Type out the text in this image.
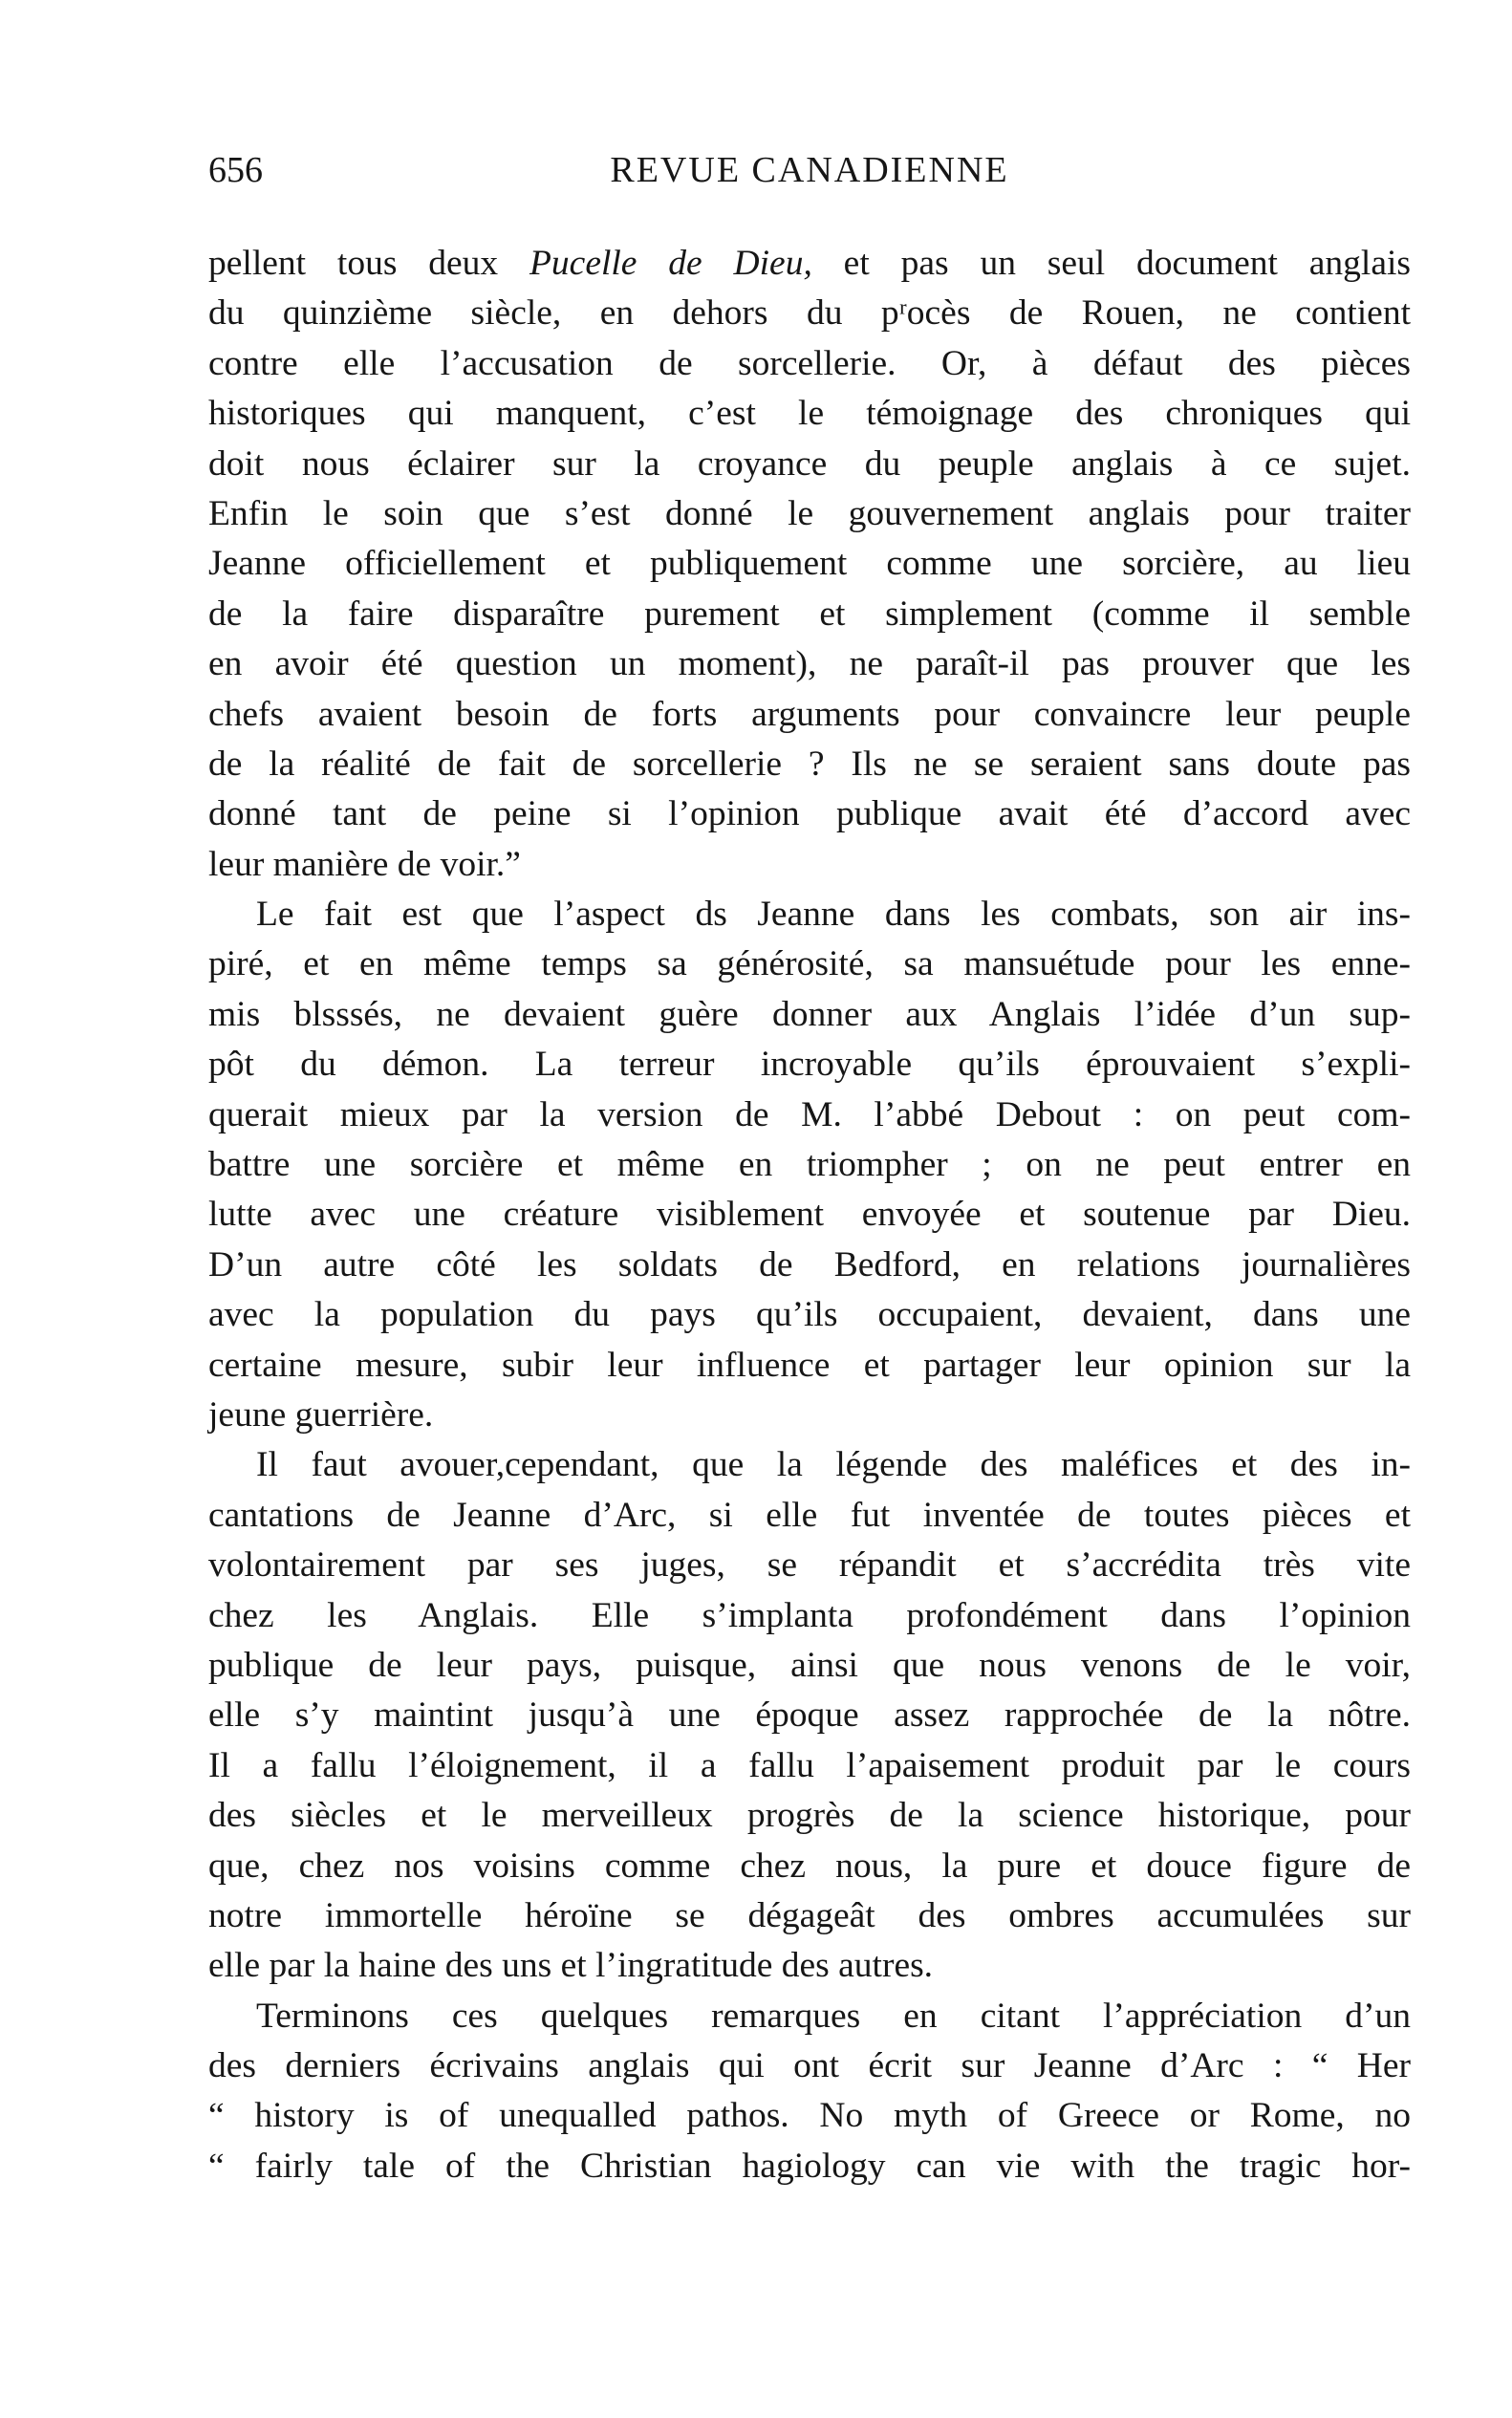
656	REVUE CANADIENNE

pellent tous deux Pucelle de Dieu, et pas un seul document anglais
du quinzième siècle, en dehors du pʳocès de Rouen, ne contient
contre elle l’accusation de sorcellerie. Or, à défaut des pièces
historiques qui manquent, c’est le témoignage des chroniques qui
doit nous éclairer sur la croyance du peuple anglais à ce sujet.
Enfin le soin que s’est donné le gouvernement anglais pour traiter
Jeanne officiellement et publiquement comme une sorcière, au lieu
de la faire disparaître purement et simplement (comme il semble
en avoir été question un moment), ne paraît-il pas prouver que les
chefs avaient besoin de forts arguments pour convaincre leur peuple
de la réalité de fait de sorcellerie ? Ils ne se seraient sans doute pas
donné tant de peine si l’opinion publique avait été d’accord avec
leur manière de voir.”

Le fait est que l’aspect ds Jeanne dans les combats, son air ins-
piré, et en même temps sa générosité, sa mansuétude pour les enne-
mis blsssés, ne devaient guère donner aux Anglais l’idée d’un sup-
pôt du démon. La terreur incroyable qu’ils éprouvaient s’expli-
querait mieux par la version de M. l’abbé Debout : on peut com-
battre une sorcière et même en triompher ; on ne peut entrer en
lutte avec une créature visiblement envoyée et soutenue par Dieu.
D’un autre côté les soldats de Bedford, en relations journalières
avec la population du pays qu’ils occupaient, devaient, dans une
certaine mesure, subir leur influence et partager leur opinion sur la
jeune guerrière.

Il faut avouer,cependant, que la légende des maléfices et des in-
cantations de Jeanne d’Arc, si elle fut inventée de toutes pièces et
volontairement par ses juges, se répandit et s’accrédita très vite
chez les Anglais. Elle s’implanta profondément dans l’opinion
publique de leur pays, puisque, ainsi que nous venons de le voir,
elle s’y maintint jusqu’à une époque assez rapprochée de la nôtre.
Il a fallu l’éloignement, il a fallu l’apaisement produit par le cours
des siècles et le merveilleux progrès de la science historique, pour
que, chez nos voisins comme chez nous, la pure et douce figure de
notre immortelle héroïne se dégageât des ombres accumulées sur
elle par la haine des uns et l’ingratitude des autres.

Terminons ces quelques remarques en citant l’appréciation d’un
des derniers écrivains anglais qui ont écrit sur Jeanne d’Arc : “ Her
“ history is of unequalled pathos. No myth of Greece or Rome, no
“ fairly tale of the Christian hagiology can vie with the tragic hor-
